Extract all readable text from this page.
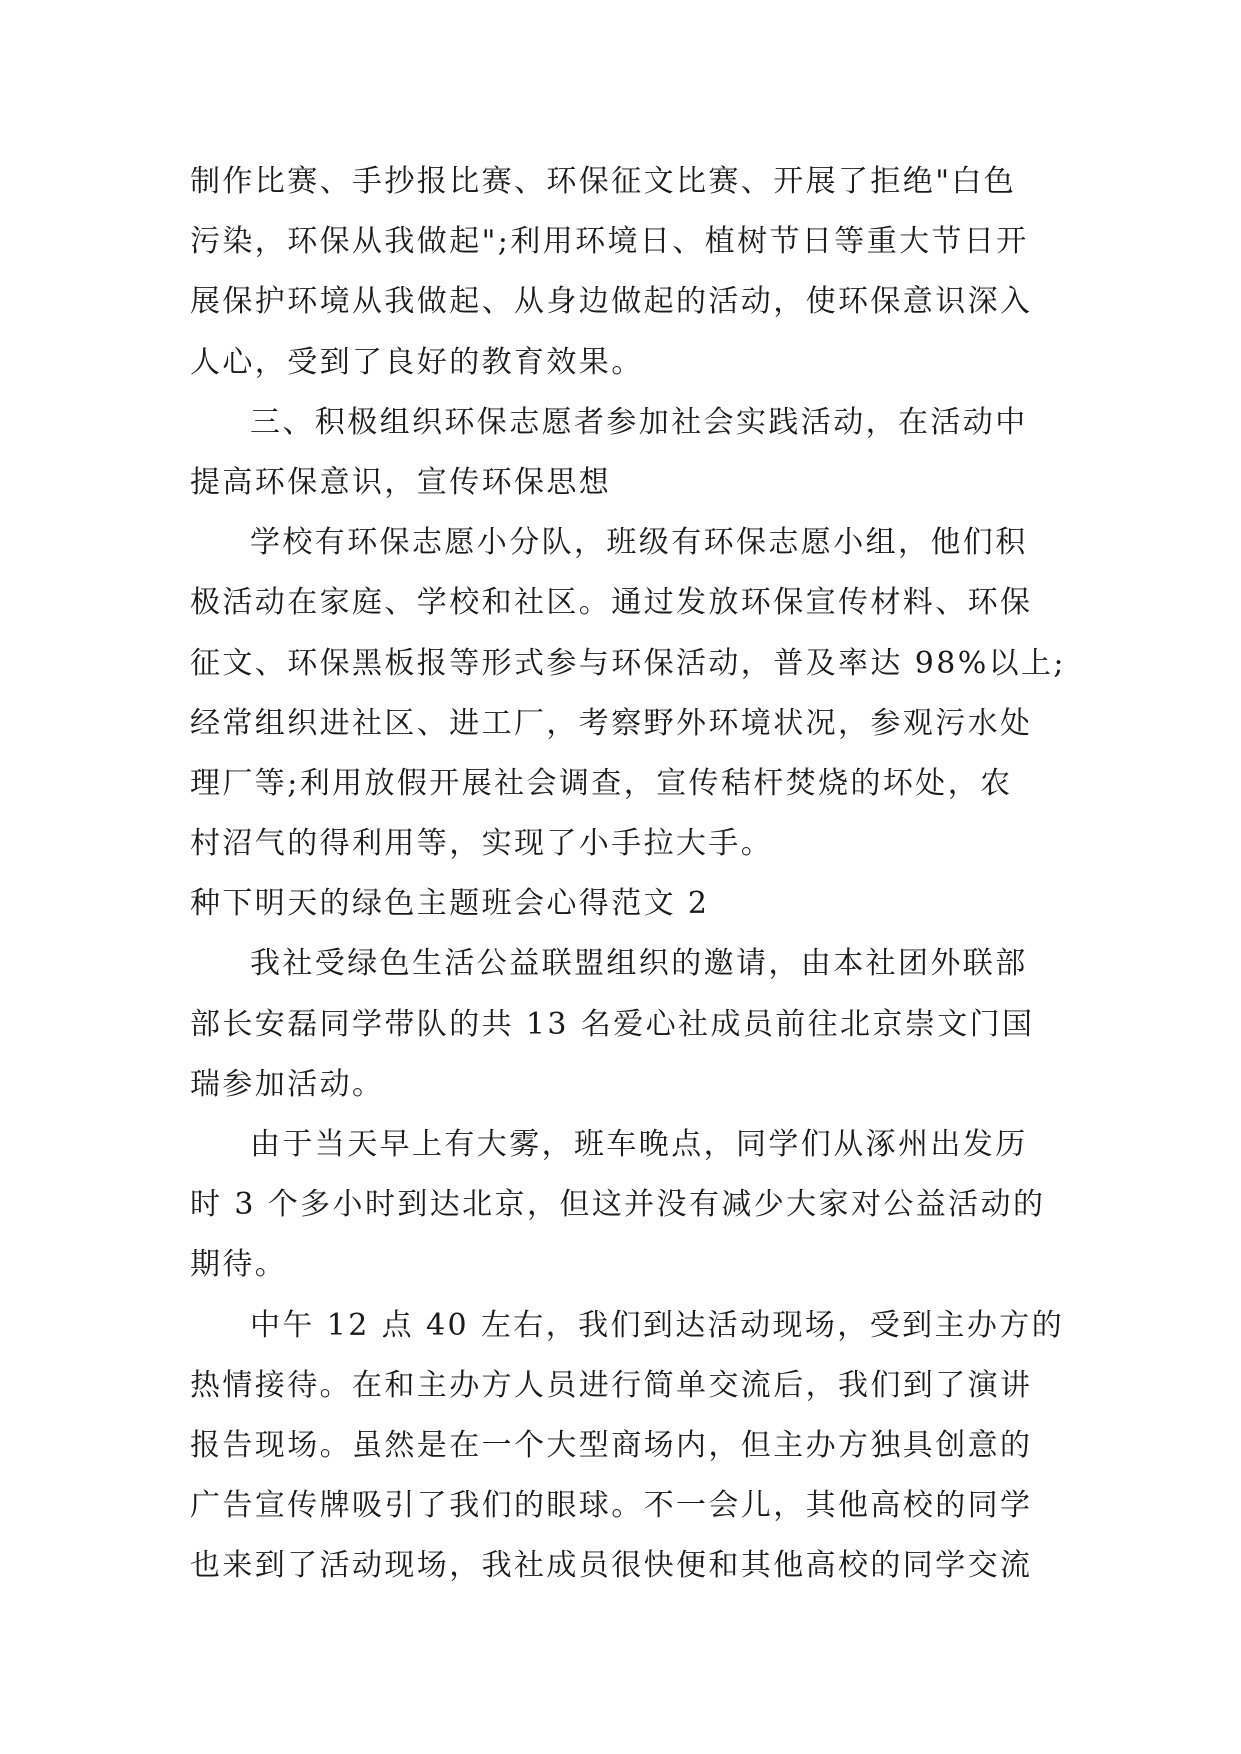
制作比赛、手抄报比赛、环保征文比赛、开展了拒绝"白色
污染，环保从我做起";利用环境日、植树节日等重大节日开
展保护环境从我做起、从身边做起的活动，使环保意识深入
人心，受到了良好的教育效果。
三、积极组织环保志愿者参加社会实践活动，在活动中
提高环保意识，宣传环保思想
学校有环保志愿小分队，班级有环保志愿小组，他们积
极活动在家庭、学校和社区。通过发放环保宣传材料、环保
征文、环保黑板报等形式参与环保活动，普及率达 98%以上;
经常组织进社区、进工厂，考察野外环境状况，参观污水处
理厂等;利用放假开展社会调查，宣传秸杆焚烧的坏处，农
村沼气的得利用等，实现了小手拉大手。
种下明天的绿色主题班会心得范文 2
我社受绿色生活公益联盟组织的邀请，由本社团外联部
部长安磊同学带队的共 13 名爱心社成员前往北京崇文门国
瑞参加活动。
由于当天早上有大雾，班车晚点，同学们从涿州出发历
时 3 个多小时到达北京，但这并没有减少大家对公益活动的
期待。
中午 12 点 40 左右，我们到达活动现场，受到主办方的
热情接待。在和主办方人员进行简单交流后，我们到了演讲
报告现场。虽然是在一个大型商场内，但主办方独具创意的
广告宣传牌吸引了我们的眼球。不一会儿，其他高校的同学
也来到了活动现场，我社成员很快便和其他高校的同学交流
